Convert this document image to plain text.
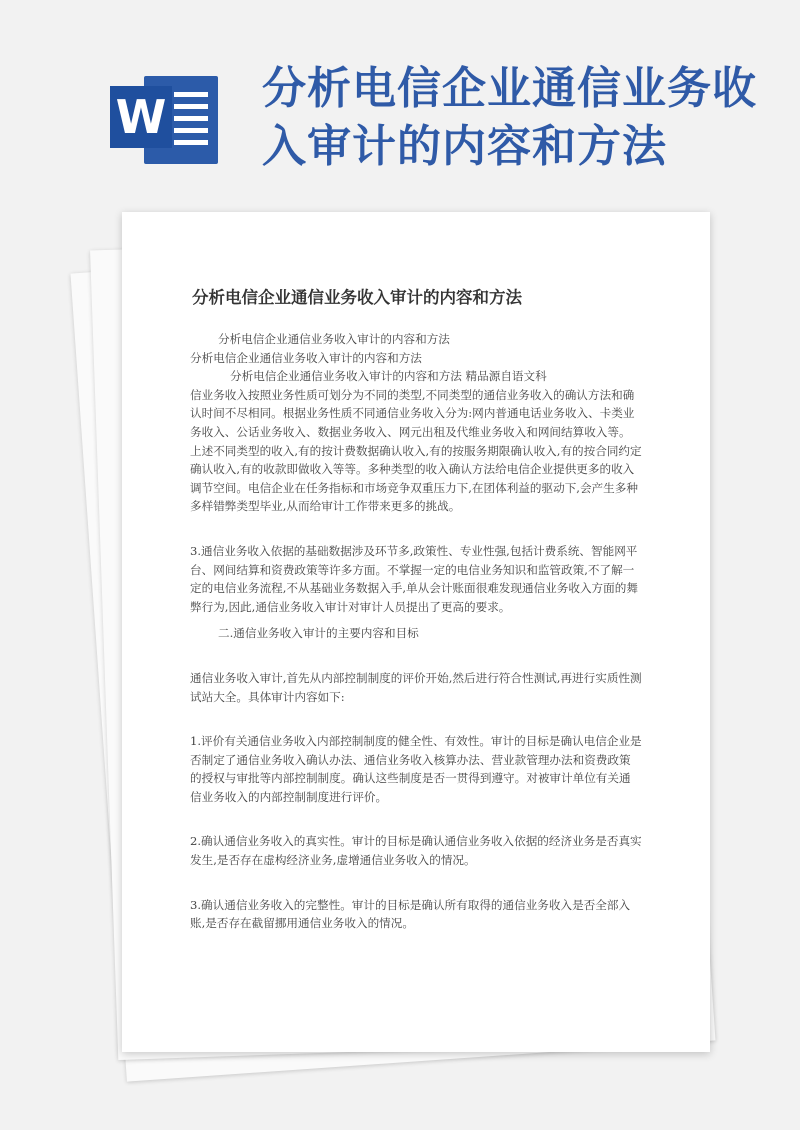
W
分析电信企业通信业务收入审计的内容和方法
分析电信企业通信业务收入审计的内容和方法

分析电信企业通信业务收入审计的内容和方法

分析电信企业通信业务收入审计的内容和方法

分析电信企业通信业务收入审计的内容和方法 精品源自语文科

信业务收入按照业务性质可划分为不同的类型,不同类型的通信业务收入的确认方法和确认时间不尽相同。根据业务性质不同通信业务收入分为:网内普通电话业务收入、卡类业务收入、公话业务收入、数据业务收入、网元出租及代维业务收入和网间结算收入等。上述不同类型的收入,有的按计费数据确认收入,有的按服务期限确认收入,有的按合同约定确认收入,有的收款即做收入等等。多种类型的收入确认方法给电信企业提供更多的收入调节空间。电信企业在任务指标和市场竞争双重压力下,在团体利益的驱动下,会产生多种多样错弊类型毕业,从而给审计工作带来更多的挑战。

3.通信业务收入依据的基础数据涉及环节多,政策性、专业性强,包括计费系统、智能网平台、网间结算和资费政策等许多方面。不掌握一定的电信业务知识和监管政策,不了解一定的电信业务流程,不从基础业务数据入手,单从会计账面很难发现通信业务收入方面的舞弊行为,因此,通信业务收入审计对审计人员提出了更高的要求。

二.通信业务收入审计的主要内容和目标

通信业务收入审计,首先从内部控制制度的评价开始,然后进行符合性测试,再进行实质性测试站大全。具体审计内容如下:

1.评价有关通信业务收入内部控制制度的健全性、有效性。审计的目标是确认电信企业是否制定了通信业务收入确认办法、通信业务收入核算办法、营业款管理办法和资费政策的授权与审批等内部控制制度。确认这些制度是否一贯得到遵守。对被审计单位有关通信业务收入的内部控制制度进行评价。

2.确认通信业务收入的真实性。审计的目标是确认通信业务收入依据的经济业务是否真实发生,是否存在虚构经济业务,虚增通信业务收入的情况。

3.确认通信业务收入的完整性。审计的目标是确认所有取得的通信业务收入是否全部入账,是否存在截留挪用通信业务收入的情况。
